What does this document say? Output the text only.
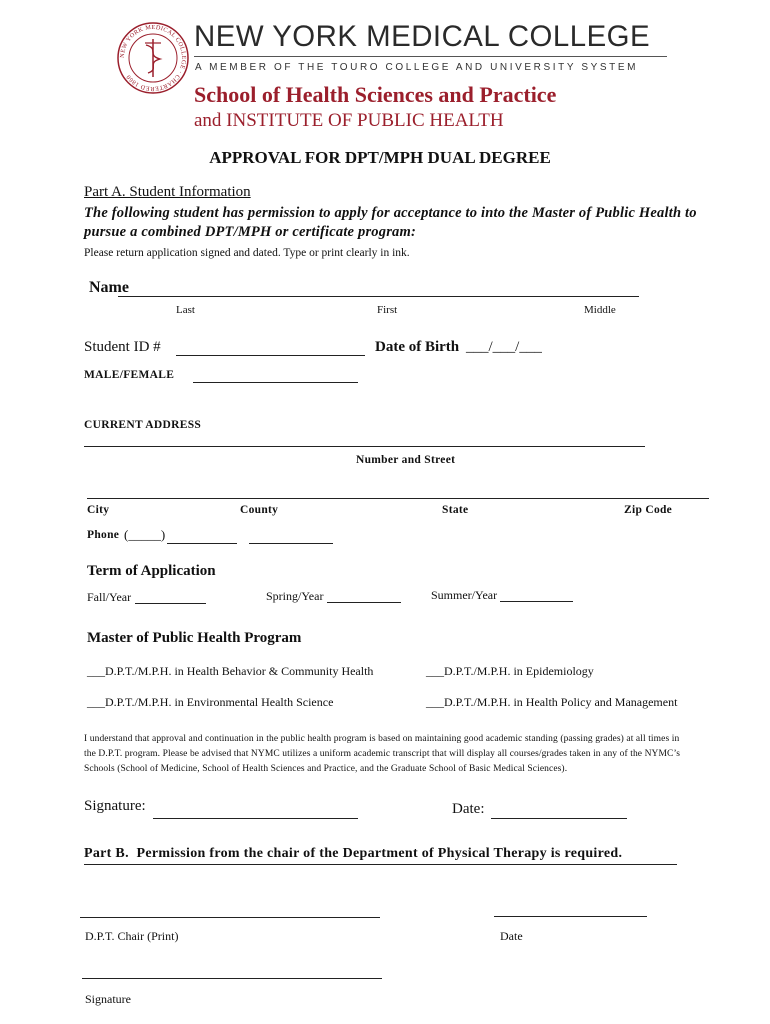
NEW YORK MEDICAL COLLEGE · CHARTERED 1860
NEW YORK MEDICAL COLLEGE
A MEMBER OF THE TOURO COLLEGE AND UNIVERSITY SYSTEM
School of Health Sciences and Practice
and INSTITUTE OF PUBLIC HEALTH
APPROVAL FOR DPT/MPH DUAL DEGREE
Part A. Student Information
The following student has permission to apply for acceptance to into the Master of Public Health to pursue a combined DPT/MPH or certificate program:
Please return application signed and dated. Type or print clearly in ink.
Name
Last	First	Middle
Student ID #	Date of Birth ___/___/___
MALE/FEMALE
CURRENT ADDRESS
Number and Street
City	County	State	Zip Code
Phone (_____)
Term of Application
Fall/Year	Spring/Year	Summer/Year
Master of Public Health Program
___D.P.T./M.P.H. in Health Behavior & Community Health	___D.P.T./M.P.H. in Epidemiology
___D.P.T./M.P.H. in Environmental Health Science	___D.P.T./M.P.H. in Health Policy and Management
I understand that approval and continuation in the public health program is based on maintaining good academic standing (passing grades) at all times in the D.P.T. program. Please be advised that NYMC utilizes a uniform academic transcript that will display all courses/grades taken in any of the NYMC’s Schools (School of Medicine, School of Health Sciences and Practice, and the Graduate School of Basic Medical Sciences).
Signature:	Date:
Part B. Permission from the chair of the Department of Physical Therapy is required.
D.P.T. Chair (Print)	Date
Signature
